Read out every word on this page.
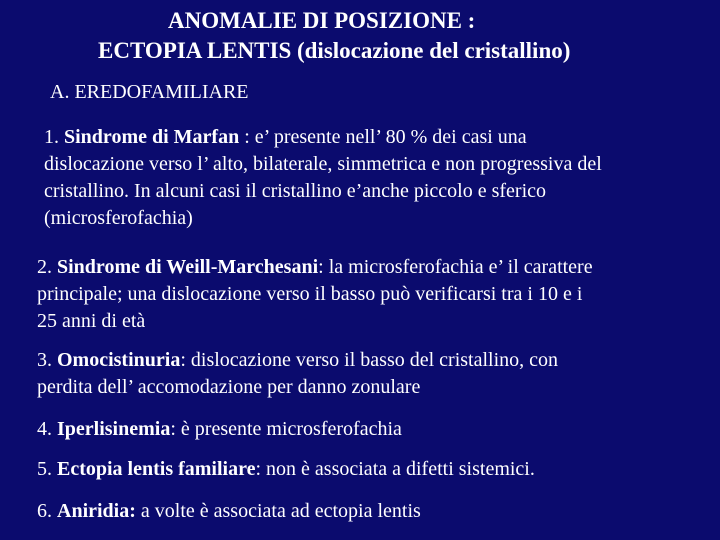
ANOMALIE DI POSIZIONE :
ECTOPIA LENTIS (dislocazione del cristallino)
A. EREDOFAMILIARE
1. Sindrome di Marfan : e’ presente nell’ 80 % dei casi una
dislocazione verso l’ alto, bilaterale, simmetrica e non progressiva del
cristallino. In alcuni casi il cristallino e’anche piccolo e sferico
(microsferofachia)
2. Sindrome di Weill-Marchesani: la microsferofachia e’ il carattere
principale; una dislocazione verso il basso può verificarsi tra i 10 e i
25 anni di età
3. Omocistinuria: dislocazione verso il basso del cristallino, con
perdita dell’ accomodazione per danno zonulare
4. Iperlisinemia: è presente microsferofachia
5. Ectopia lentis familiare: non è associata a difetti sistemici.
6. Aniridia: a volte è associata ad ectopia lentis
